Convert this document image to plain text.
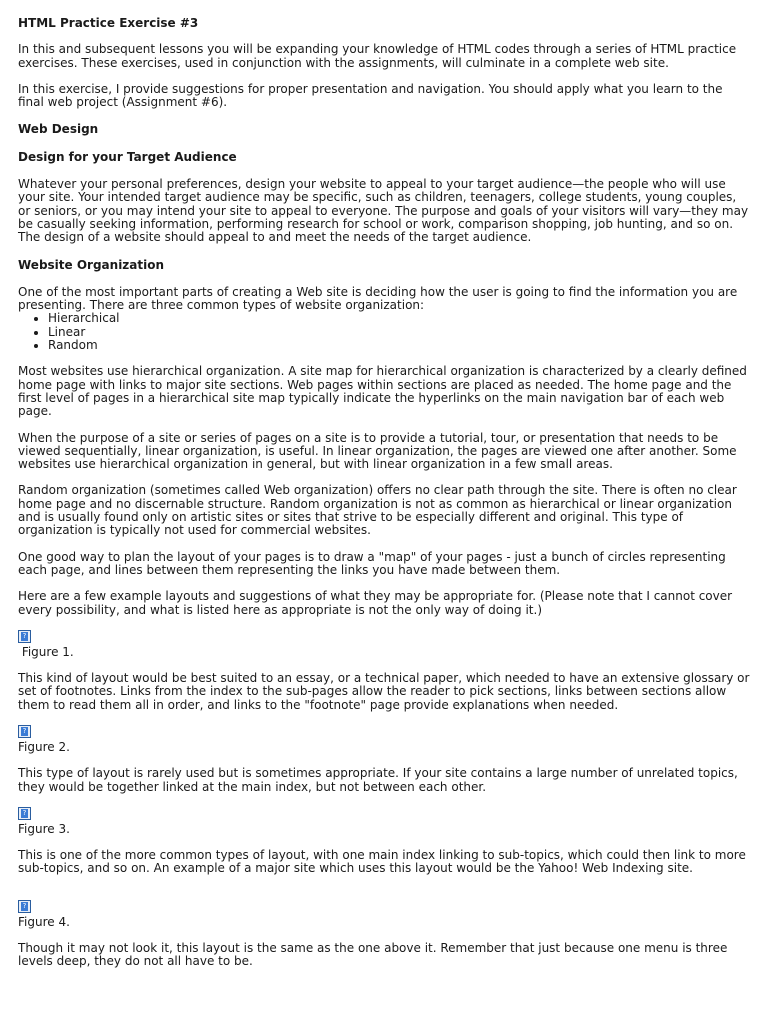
HTML Practice Exercise #3

In this and subsequent lessons you will be expanding your knowledge of HTML codes through a series of HTML practice exercises. These exercises, used in conjunction with the assignments, will culminate in a complete web site.

In this exercise, I provide suggestions for proper presentation and navigation. You should apply what you learn to the final web project (Assignment #6).

Web Design
Design for your Target Audience

Whatever your personal preferences, design your website to appeal to your target audience—the people who will use your site. Your intended target audience may be specific, such as children, teenagers, college students, young couples, or seniors, or you may intend your site to appeal to everyone. The purpose and goals of your visitors will vary—they may be casually seeking information, performing research for school or work, comparison shopping, job hunting, and so on. The design of a website should appeal to and meet the needs of the target audience.

Website Organization

One of the most important parts of creating a Web site is deciding how the user is going to find the information you are presenting. There are three common types of website organization:

• Hierarchical
• Linear
• Random

Most websites use hierarchical organization. A site map for hierarchical organization is characterized by a clearly defined home page with links to major site sections. Web pages within sections are placed as needed. The home page and the first level of pages in a hierarchical site map typically indicate the hyperlinks on the main navigation bar of each web page.

When the purpose of a site or series of pages on a site is to provide a tutorial, tour, or presentation that needs to be viewed sequentially, linear organization, is useful. In linear organization, the pages are viewed one after another. Some websites use hierarchical organization in general, but with linear organization in a few small areas.

Random organization (sometimes called Web organization) offers no clear path through the site. There is often no clear home page and no discernable structure. Random organization is not as common as hierarchical or linear organization and is usually found only on artistic sites or sites that strive to be especially different and original. This type of organization is typically not used for commercial websites.

One good way to plan the layout of your pages is to draw a "map" of your pages - just a bunch of circles representing each page, and lines between them representing the links you have made between them.

Here are a few example layouts and suggestions of what they may be appropriate for. (Please note that I cannot cover every possibility, and what is listed here as appropriate is not the only way of doing it.)

?

Figure 1.

This kind of layout would be best suited to an essay, or a technical paper, which needed to have an extensive glossary or set of footnotes. Links from the index to the sub-pages allow the reader to pick sections, links between sections allow them to read them all in order, and links to the "footnote" page provide explanations when needed.

?

Figure 2.

This type of layout is rarely used but is sometimes appropriate. If your site contains a large number of unrelated topics, they would be together linked at the main index, but not between each other.

?

Figure 3.

This is one of the more common types of layout, with one main index linking to sub-topics, which could then link to more sub-topics, and so on. An example of a major site which uses this layout would be the Yahoo! Web Indexing site.

?

Figure 4.

Though it may not look it, this layout is the same as the one above it. Remember that just because one menu is three levels deep, they do not all have to be.
